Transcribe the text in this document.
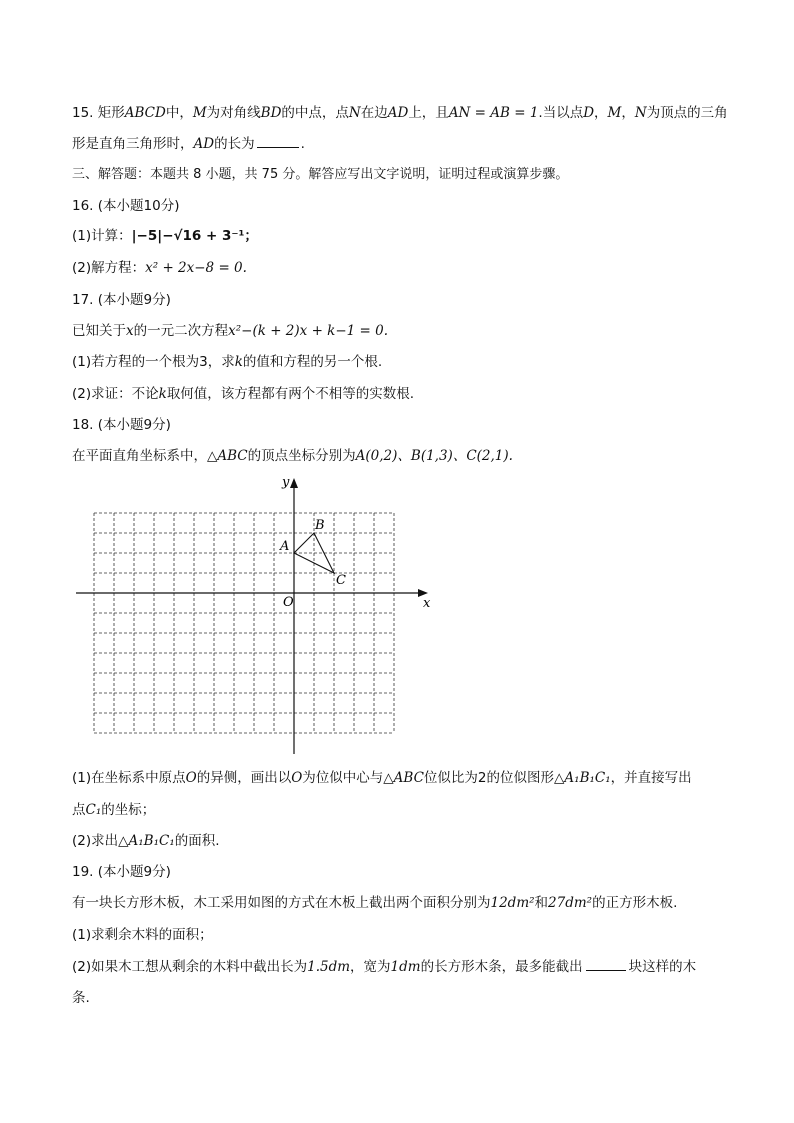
15. 矩形ABCD中，M为对角线BD的中点，点N在边AD上，且AN = AB = 1.当以点D，M，N为顶点的三角
形是直角三角形时，AD的长为	.
三、解答题：本题共 8 小题，共 75 分。解答应写出文字说明，证明过程或演算步骤。
16. (本小题10分)
(1)计算：|−5|−√16 + 3⁻¹；
(2)解方程：x² + 2x−8 = 0.
17. (本小题9分)
已知关于x的一元二次方程x²−(k + 2)x + k−1 = 0.
(1)若方程的一个根为3，求k的值和方程的另一个根.
(2)求证：不论k取何值，该方程都有两个不相等的实数根.
18. (本小题9分)
在平面直角坐标系中，△ABC的顶点坐标分别为A(0,2)、B(1,3)、C(2,1).
x
y
O
A
B
C
(1)在坐标系中原点O的异侧，画出以O为位似中心与△ABC位似比为2的位似图形△A₁B₁C₁，并直接写出
点C₁的坐标；
(2)求出△A₁B₁C₁的面积.
19. (本小题9分)
有一块长方形木板，木工采用如图的方式在木板上截出两个面积分别为12dm²和27dm²的正方形木板.
(1)求剩余木料的面积；
(2)如果木工想从剩余的木料中截出长为1.5dm，宽为1dm的长方形木条，最多能截出	块这样的木
条.
